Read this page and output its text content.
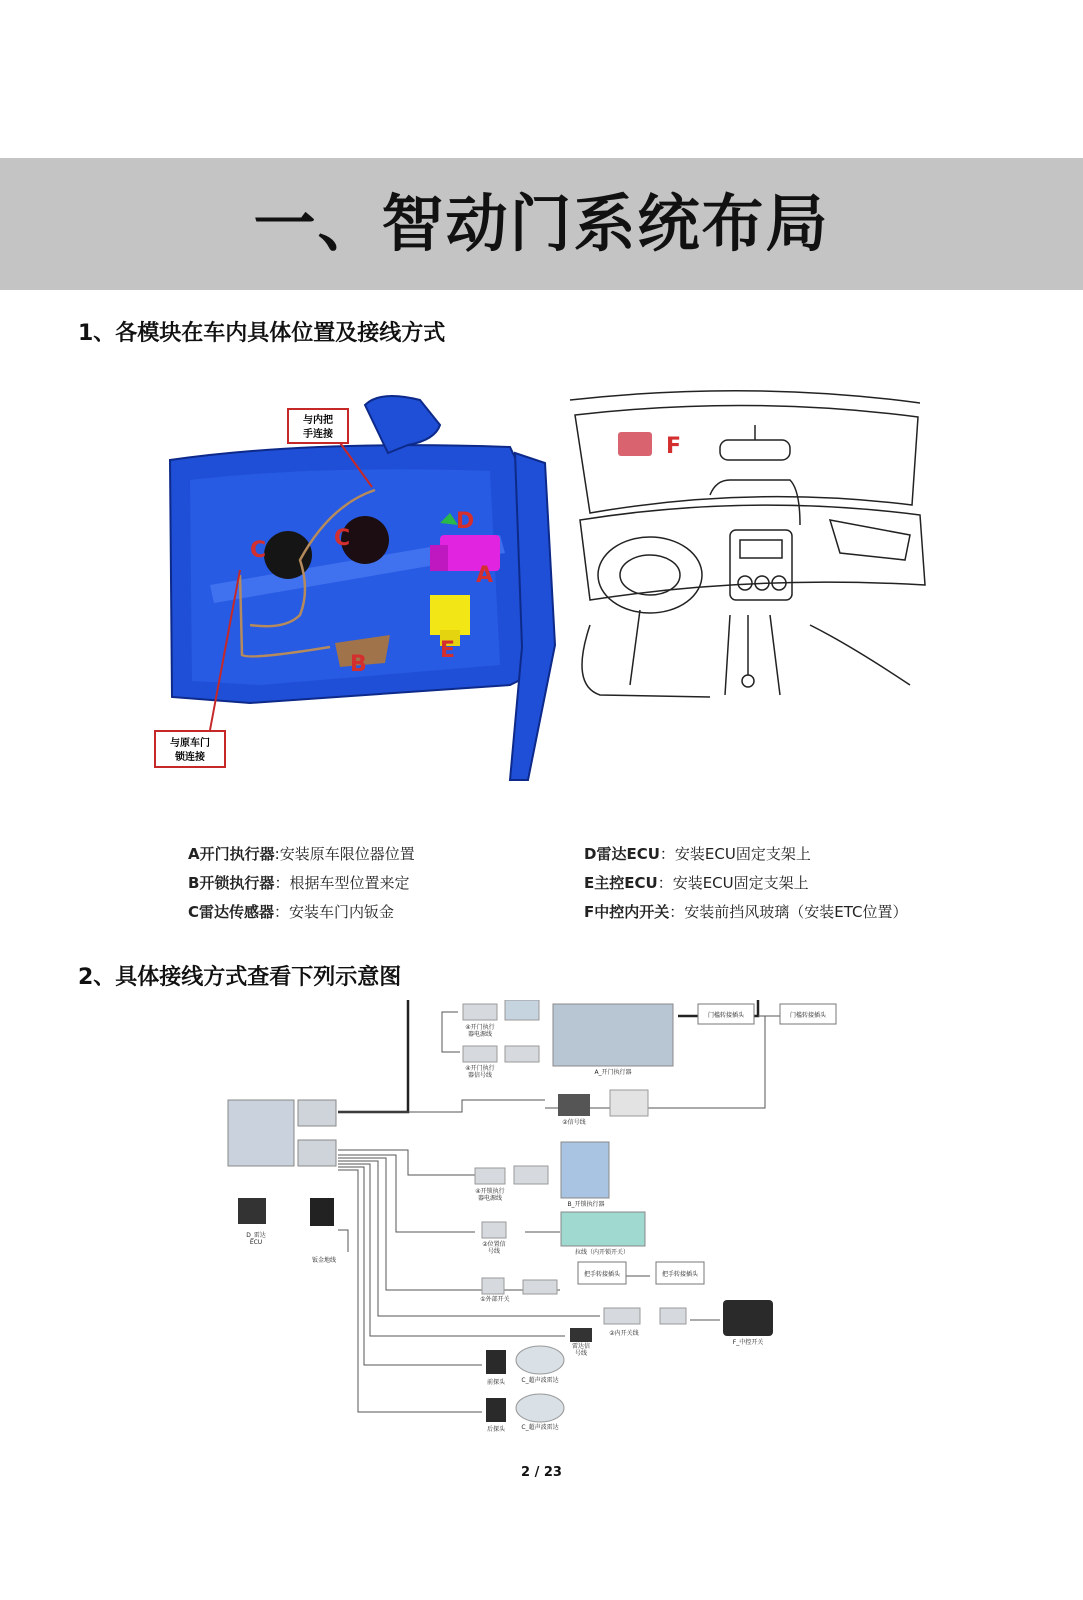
一、智动门系统布局
1、各模块在车内具体位置及接线方式
与内把
手连接
与原车门
锁连接
C	C
D
A
E
B
F
A开门执行器:安装原车限位器位置
B开锁执行器：根据车型位置来定
C雷达传感器：安装车门内钣金
D雷达ECU：安装ECU固定支架上
E主控ECU：安装ECU固定支架上
F中控内开关：安装前挡风玻璃（安装ETC位置）
2、具体接线方式查看下列示意图
门槛转接插头	门槛转接插头
④开门执行
器电源线
④开门执行
器信号线	A_开门执行器
②信号线
④开锁执行
器电源线
B_开锁执行器
②位置信
号线	拉线（内开锁开关）
把手转接插头	把手转接插头
①外部开关
D_雷达
ECU
钣金地线
②内开关线
雷达信
号线
F_中控开关
前探头	C_超声波雷达
后探头	C_超声波雷达
2 / 23
